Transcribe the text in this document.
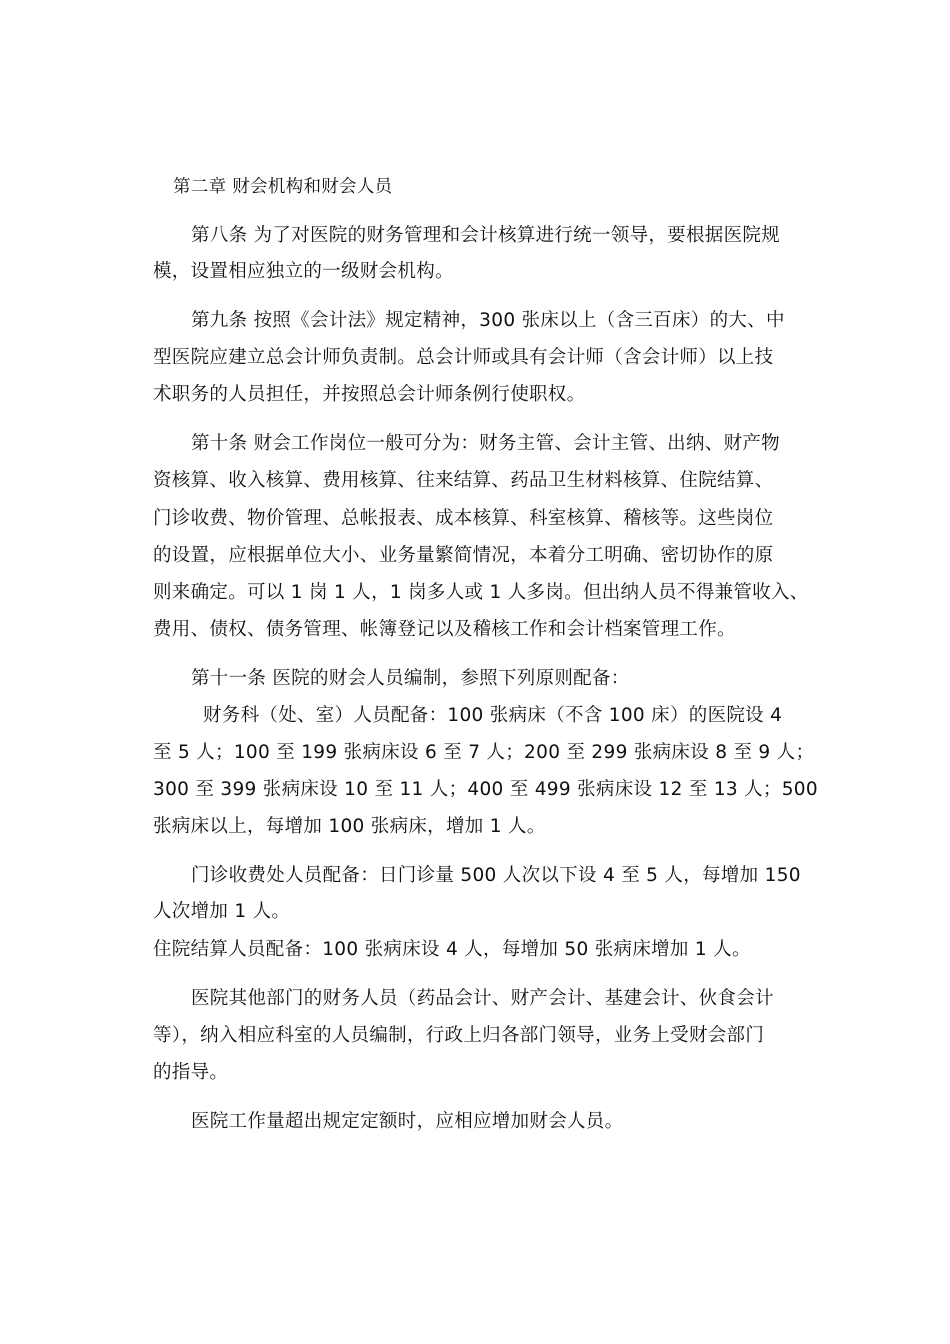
第二章 财会机构和财会人员
第八条 为了对医院的财务管理和会计核算进行统一领导，要根据医院规
模，设置相应独立的一级财会机构。
第九条 按照《会计法》规定精神，300 张床以上（含三百床）的大、中
型医院应建立总会计师负责制。总会计师或具有会计师（含会计师）以上技
术职务的人员担任，并按照总会计师条例行使职权。
第十条 财会工作岗位一般可分为：财务主管、会计主管、出纳、财产物
资核算、收入核算、费用核算、往来结算、药品卫生材料核算、住院结算、
门诊收费、物价管理、总帐报表、成本核算、科室核算、稽核等。这些岗位
的设置，应根据单位大小、业务量繁简情况，本着分工明确、密切协作的原
则来确定。可以 1 岗 1 人，1 岗多人或 1 人多岗。但出纳人员不得兼管收入、
费用、债权、债务管理、帐簿登记以及稽核工作和会计档案管理工作。
第十一条 医院的财会人员编制，参照下列原则配备：
财务科（处、室）人员配备：100 张病床（不含 100 床）的医院设 4
至 5 人；100 至 199 张病床设 6 至 7 人；200 至 299 张病床设 8 至 9 人；
300 至 399 张病床设 10 至 11 人；400 至 499 张病床设 12 至 13 人；500
张病床以上，每增加 100 张病床，增加 1 人。
门诊收费处人员配备：日门诊量 500 人次以下设 4 至 5 人，每增加 150
人次增加 1 人。
住院结算人员配备：100 张病床设 4 人，每增加 50 张病床增加 1 人。
医院其他部门的财务人员（药品会计、财产会计、基建会计、伙食会计
等），纳入相应科室的人员编制，行政上归各部门领导，业务上受财会部门
的指导。
医院工作量超出规定定额时，应相应增加财会人员。
